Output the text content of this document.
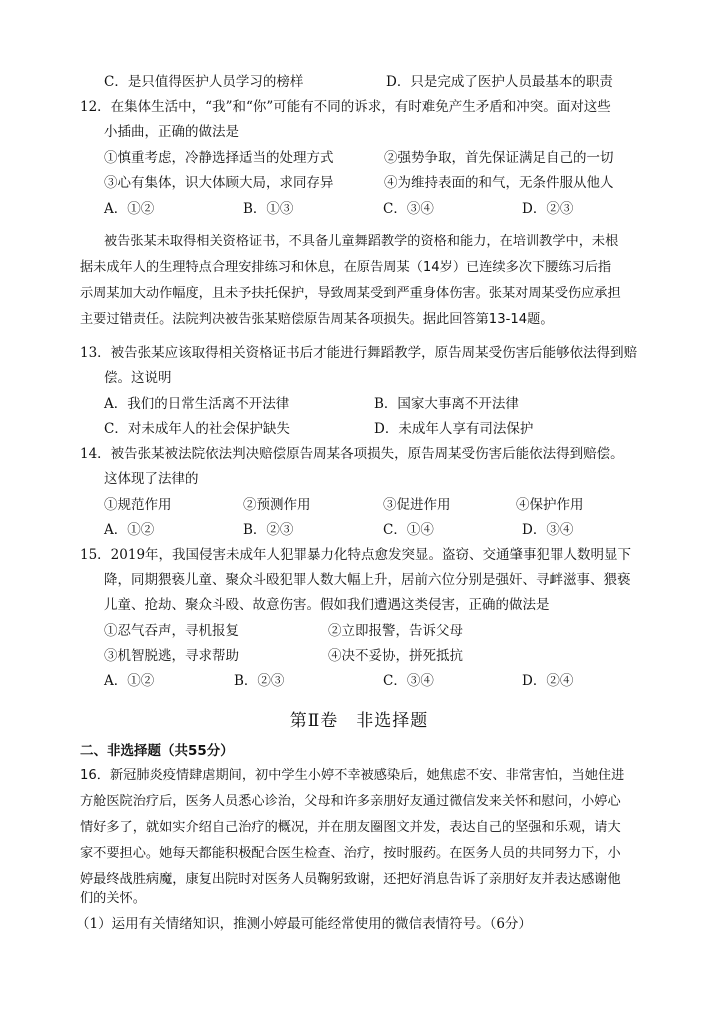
C．是只值得医护人员学习的榜样	D．只是完成了医护人员最基本的职责
12．在集体生活中，“我”和“你”可能有不同的诉求，有时难免产生矛盾和冲突。面对这些
小插曲，正确的做法是
①慎重考虑，冷静选择适当的处理方式	②强势争取，首先保证满足自己的一切
③心有集体，识大体顾大局，求同存异	④为维持表面的和气，无条件服从他人
A．①②	B．①③	C．③④	D．②③
被告张某未取得相关资格证书，不具备儿童舞蹈教学的资格和能力，在培训教学中，未根
据未成年人的生理特点合理安排练习和休息，在原告周某（14岁）已连续多次下腰练习后指
示周某加大动作幅度，且未予扶托保护，导致周某受到严重身体伤害。张某对周某受伤应承担
主要过错责任。法院判决被告张某赔偿原告周某各项损失。据此回答第13-14题。
13．被告张某应该取得相关资格证书后才能进行舞蹈教学，原告周某受伤害后能够依法得到赔
偿。这说明
A．我们的日常生活离不开法律	B．国家大事离不开法律
C．对未成年人的社会保护缺失	D．未成年人享有司法保护
14．被告张某被法院依法判决赔偿原告周某各项损失，原告周某受伤害后能依法得到赔偿。
这体现了法律的
①规范作用	②预测作用	③促进作用	④保护作用
A．①②	B．②③	C．①④	D．③④
15．2019年，我国侵害未成年人犯罪暴力化特点愈发突显。盗窃、交通肇事犯罪人数明显下
降，同期猥亵儿童、聚众斗殴犯罪人数大幅上升，居前六位分别是强奸、寻衅滋事、猥亵
儿童、抢劫、聚众斗殴、故意伤害。假如我们遭遇这类侵害，正确的做法是
①忍气吞声，寻机报复	②立即报警，告诉父母
③机智脱逃，寻求帮助	④决不妥协，拼死抵抗
A．①②	B．②③	C．③④	D．②④
第Ⅱ卷　非选择题
二、非选择题（共55分）
16．新冠肺炎疫情肆虐期间，初中学生小婷不幸被感染后，她焦虑不安、非常害怕，当她住进
方舱医院治疗后，医务人员悉心诊治，父母和许多亲朋好友通过微信发来关怀和慰问，小婷心
情好多了，就如实介绍自己治疗的概况，并在朋友圈图文并发，表达自己的坚强和乐观，请大
家不要担心。她每天都能积极配合医生检查、治疗，按时服药。在医务人员的共同努力下，小
婷最终战胜病魔，康复出院时对医务人员鞠躬致谢，还把好消息告诉了亲朋好友并表达感谢他
们的关怀。
（1）运用有关情绪知识，推测小婷最可能经常使用的微信表情符号。（6分）
